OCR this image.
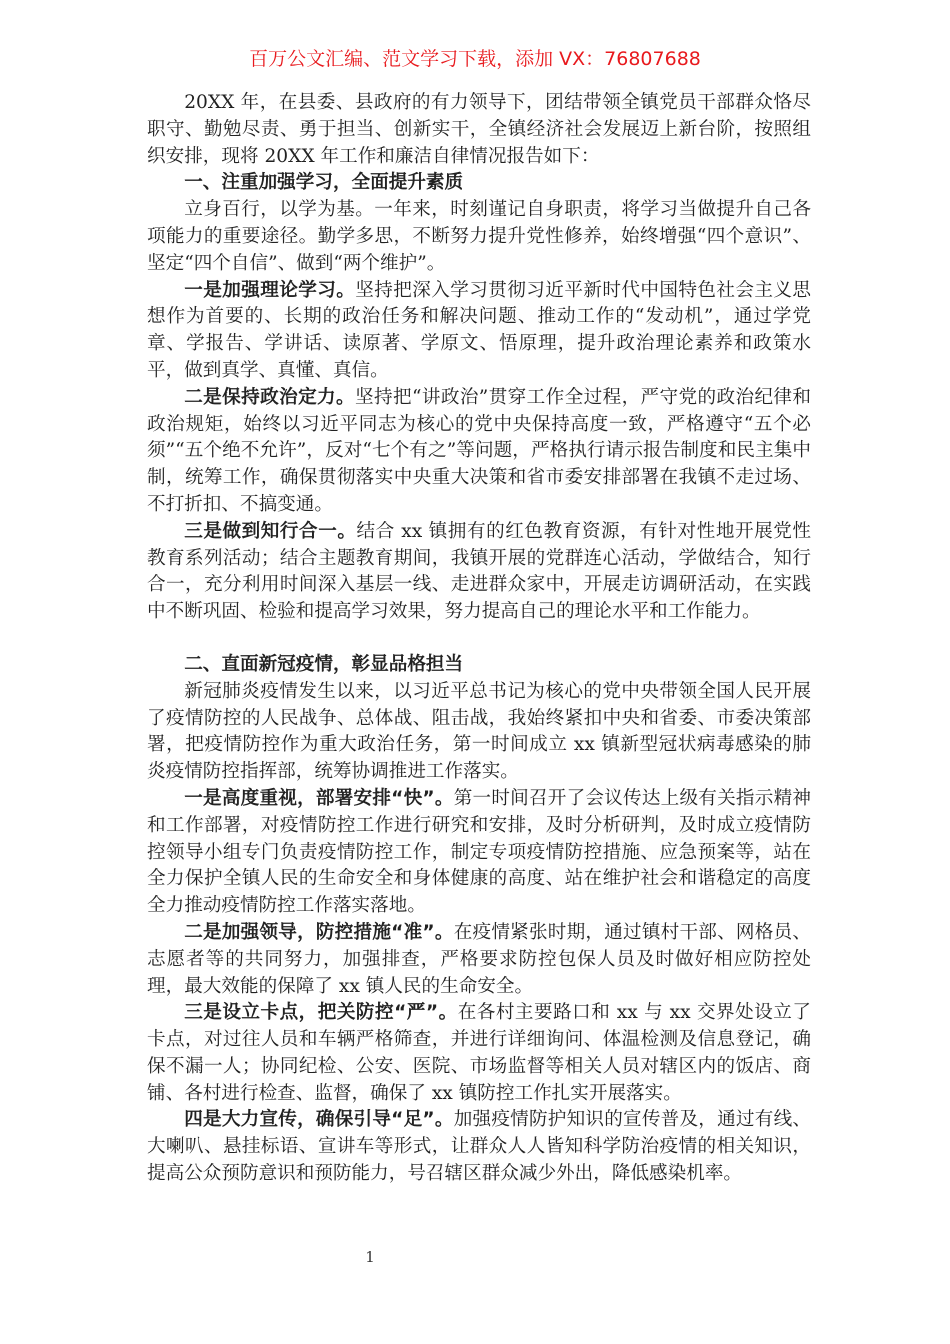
百万公文汇编、范文学习下载，添加 VX：76807688

20XX 年，在县委、县政府的有力领导下，团结带领全镇党员干部群众恪尽职守、勤勉尽责、勇于担当、创新实干，全镇经济社会发展迈上新台阶，按照组织安排，现将 20XX 年工作和廉洁自律情况报告如下：

一、注重加强学习，全面提升素质

立身百行，以学为基。一年来，时刻谨记自身职责，将学习当做提升自己各项能力的重要途径。勤学多思，不断努力提升党性修养，始终增强“四个意识”、坚定“四个自信”、做到“两个维护”。

一是加强理论学习。坚持把深入学习贯彻习近平新时代中国特色社会主义思想作为首要的、长期的政治任务和解决问题、推动工作的“发动机”，通过学党章、学报告、学讲话、读原著、学原文、悟原理，提升政治理论素养和政策水平，做到真学、真懂、真信。

二是保持政治定力。坚持把“讲政治”贯穿工作全过程，严守党的政治纪律和政治规矩，始终以习近平同志为核心的党中央保持高度一致，严格遵守“五个必须”“五个绝不允许”，反对“七个有之”等问题，严格执行请示报告制度和民主集中制，统筹工作，确保贯彻落实中央重大决策和省市委安排部署在我镇不走过场、不打折扣、不搞变通。

三是做到知行合一。结合 xx 镇拥有的红色教育资源，有针对性地开展党性教育系列活动；结合主题教育期间，我镇开展的党群连心活动，学做结合，知行合一，充分利用时间深入基层一线、走进群众家中，开展走访调研活动，在实践中不断巩固、检验和提高学习效果，努力提高自己的理论水平和工作能力。

二、直面新冠疫情，彰显品格担当

新冠肺炎疫情发生以来，以习近平总书记为核心的党中央带领全国人民开展了疫情防控的人民战争、总体战、阻击战，我始终紧扣中央和省委、市委决策部署，把疫情防控作为重大政治任务，第一时间成立 xx 镇新型冠状病毒感染的肺炎疫情防控指挥部，统筹协调推进工作落实。

一是高度重视，部署安排“快”。第一时间召开了会议传达上级有关指示精神和工作部署，对疫情防控工作进行研究和安排，及时分析研判，及时成立疫情防控领导小组专门负责疫情防控工作，制定专项疫情防控措施、应急预案等，站在全力保护全镇人民的生命安全和身体健康的高度、站在维护社会和谐稳定的高度全力推动疫情防控工作落实落地。

二是加强领导，防控措施“准”。在疫情紧张时期，通过镇村干部、网格员、志愿者等的共同努力，加强排查，严格要求防控包保人员及时做好相应防控处理，最大效能的保障了 xx 镇人民的生命安全。

三是设立卡点，把关防控“严”。在各村主要路口和 xx 与 xx 交界处设立了卡点，对过往人员和车辆严格筛查，并进行详细询问、体温检测及信息登记，确保不漏一人；协同纪检、公安、医院、市场监督等相关人员对辖区内的饭店、商铺、各村进行检查、监督，确保了 xx 镇防控工作扎实开展落实。

四是大力宣传，确保引导“足”。加强疫情防护知识的宣传普及，通过有线、大喇叭、悬挂标语、宣讲车等形式，让群众人人皆知科学防治疫情的相关知识，提高公众预防意识和预防能力，号召辖区群众减少外出，降低感染机率。

1
